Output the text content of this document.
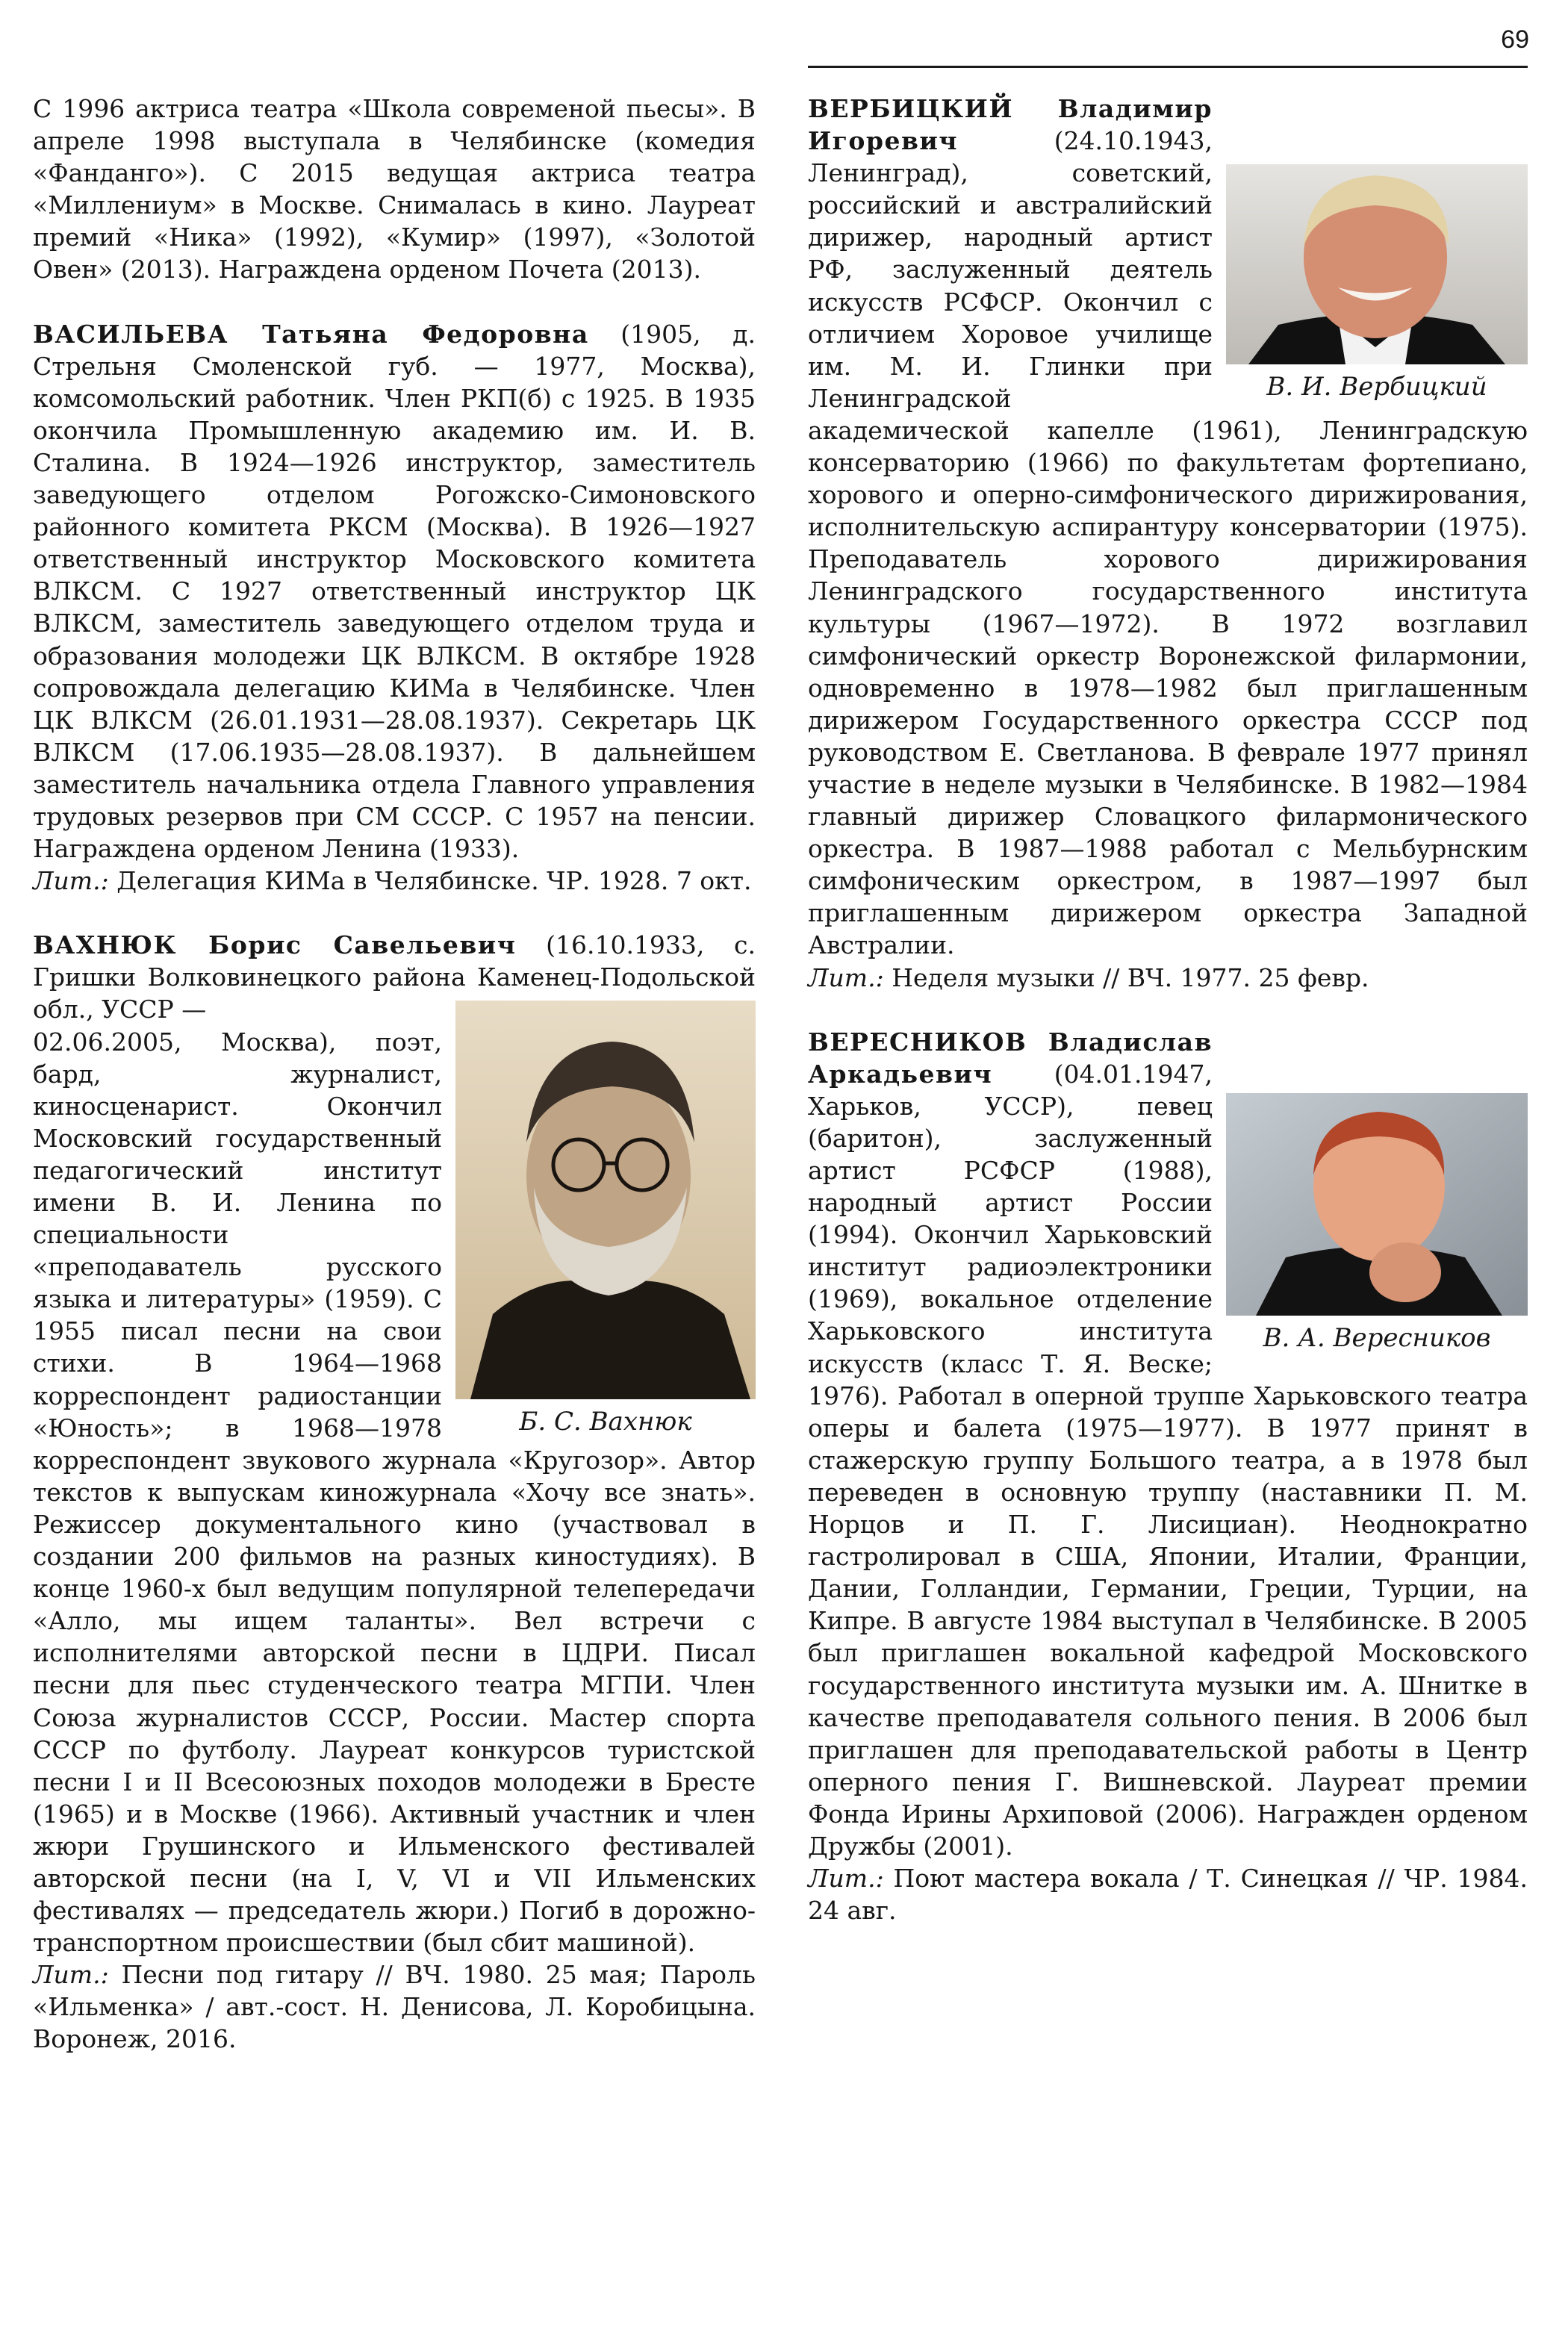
69

С 1996 актриса театра «Школа современой пьесы». В апреле 1998 выступала в Челябинске (комедия «Фанданго»). С 2015 ведущая актриса театра «Миллениум» в Москве. Снималась в кино. Лауреат премий «Ника» (1992), «Кумир» (1997), «Золотой Овен» (2013). Награждена орденом Почета (2013).

ВАСИЛЬЕВА Татьяна Федоровна (1905, д. Стрельня Смоленской губ. — 1977, Москва), комсомольский работник. Член РКП(б) с 1925. В 1935 окончила Промышленную академию им. И. В. Сталина. В 1924—1926 инструктор, заместитель заведующего отделом Рогожско-Симоновского районного комитета РКСМ (Москва). В 1926—1927 ответственный инструктор Московского комитета ВЛКСМ. С 1927 ответственный инструктор ЦК ВЛКСМ, заместитель заведующего отделом труда и образования молодежи ЦК ВЛКСМ. В октябре 1928 сопровождала делегацию КИМа в Челябинске. Член ЦК ВЛКСМ (26.01.1931—28.08.1937). Секретарь ЦК ВЛКСМ (17.06.1935—28.08.1937). В дальнейшем заместитель начальника отдела Главного управления трудовых резервов при СМ СССР. С 1957 на пенсии. Награждена орденом Ленина (1933).

Лит.: Делегация КИМа в Челябинске. ЧР. 1928. 7 окт.

ВАХНЮК Борис Савельевич (16.10.1933, с. Гришки Волковинецкого района Каменец-Подольской обл., УССР —
Б. С. Вахнюк

02.06.2005, Москва), поэт, бард, журналист, киносценарист. Окончил Московский государственный педагогический институт имени В. И. Ленина по специальности «преподаватель русского языка и литературы» (1959). С 1955 писал песни на свои стихи. В 1964—1968 корреспондент радиостанции «Юность»; в 1968—1978 корреспондент звукового журнала «Кругозор». Автор текстов к выпускам киножурнала «Хочу все знать». Режиссер документального кино (участвовал в создании 200 фильмов на разных киностудиях). В конце 1960-х был ведущим популярной телепередачи «Алло, мы ищем таланты». Вел встречи с исполнителями авторской песни в ЦДРИ. Писал песни для пьес студенческого театра МГПИ. Член Союза журналистов СССР, России. Мастер спорта СССР по футболу. Лауреат конкурсов туристской песни I и II Всесоюзных походов молодежи в Бресте (1965) и в Москве (1966). Активный участник и член жюри Грушинского и Ильменского фестивалей авторской песни (на I, V, VI и VII Ильменских фестивалях — председатель жюри.) Погиб в дорожно-транспортном происшествии (был сбит машиной).

Лит.: Песни под гитару // ВЧ. 1980. 25 мая; Пароль «Ильменка» / авт.-сост. Н. Денисова, Л. Коробицына. Воронеж, 2016.

В. И. Вербицкий

ВЕРБИЦКИЙ Владимир Игоревич	(24.10.1943, Ленинград), советский, российский и австралийский дирижер, народный артист РФ, заслуженный деятель искусств РСФСР. Окончил с отличием Хоровое училище им. М. И. Глинки при Ленинградской академической капелле (1961), Ленинградскую консерваторию (1966) по факультетам фортепиано, хорового и оперно-симфонического дирижирования, исполнительскую аспирантуру консерватории (1975). Преподаватель хорового дирижирования Ленинградского государственного института культуры (1967—1972). В 1972 возглавил симфонический оркестр Воронежской филармонии, одновременно в 1978—1982 был приглашенным дирижером Государственного оркестра СССР под руководством Е. Светланова. В феврале 1977 принял участие в неделе музыки в Челябинске. В 1982—1984 главный дирижер Словацкого филармонического оркестра. В 1987—1988 работал с Мельбурнским симфоническим оркестром, в 1987—1997 был приглашенным дирижером оркестра Западной Австралии.

Лит.: Неделя музыки // ВЧ. 1977. 25 февр.

В. А. Вересников

ВЕРЕСНИКОВ Владислав Аркадьевич	(04.01.1947, Харьков, УССР), певец (баритон), заслуженный артист РСФСР (1988), народный артист России (1994). Окончил Харьковский институт радиоэлектроники (1969), вокальное отделение Харьковского института искусств (класс Т. Я. Веске; 1976). Работал в оперной труппе Харьковского театра оперы и балета (1975—1977). В 1977 принят в стажерскую группу Большого театра, а в 1978 был переведен в основную труппу (наставники П. М. Норцов и П. Г. Лисициан). Неоднократно гастролировал в США, Японии, Италии, Франции, Дании, Голландии, Германии, Греции, Турции, на Кипре. В августе 1984 выступал в Челябинске. В 2005 был приглашен вокальной кафедрой Московского государственного института музыки им. А. Шнитке в качестве преподавателя сольного пения. В 2006 был приглашен для преподавательской работы в Центр оперного пения Г. Вишневской. Лауреат премии Фонда Ирины Архиповой (2006). Награжден орденом Дружбы (2001).

Лит.: Поют мастера вокала / Т. Синецкая // ЧР. 1984. 24 авг.
